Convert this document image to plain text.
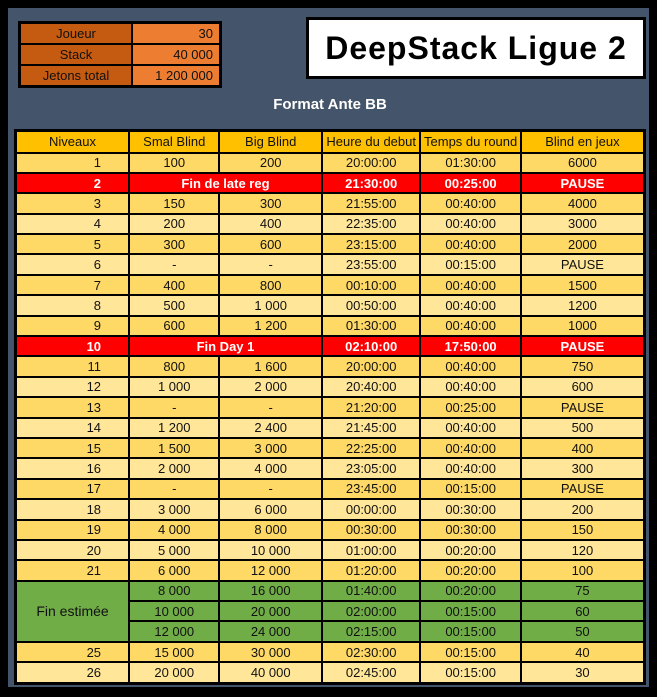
Joueur	30
Stack	40 000
Jetons total	1 200 000
DeepStack Ligue 2
Format Ante BB
Niveaux	Smal Blind	Big Blind	Heure du debut	Temps du round	Blind en jeux
1	100	200	20:00:00	01:30:00	6000
2	Fin de late reg		21:30:00	00:25:00	PAUSE
3	150	300	21:55:00	00:40:00	4000
4	200	400	22:35:00	00:40:00	3000
5	300	600	23:15:00	00:40:00	2000
6	-	-	23:55:00	00:15:00	PAUSE
7	400	800	00:10:00	00:40:00	1500
8	500	1 000	00:50:00	00:40:00	1200
9	600	1 200	01:30:00	00:40:00	1000
10	Fin Day 1		02:10:00	17:50:00	PAUSE
11	800	1 600	20:00:00	00:40:00	750
12	1 000	2 000	20:40:00	00:40:00	600
13	-	-	21:20:00	00:25:00	PAUSE
14	1 200	2 400	21:45:00	00:40:00	500
15	1 500	3 000	22:25:00	00:40:00	400
16	2 000	4 000	23:05:00	00:40:00	300
17	-	-	23:45:00	00:15:00	PAUSE
18	3 000	6 000	00:00:00	00:30:00	200
19	4 000	8 000	00:30:00	00:30:00	150
20	5 000	10 000	01:00:00	00:20:00	120
21	6 000	12 000	01:20:00	00:20:00	100
Fin estimée	8 000	16 000	01:40:00	00:20:00	75
	10 000	20 000	02:00:00	00:15:00	60
	12 000	24 000	02:15:00	00:15:00	50
25	15 000	30 000	02:30:00	00:15:00	40
26	20 000	40 000	02:45:00	00:15:00	30
